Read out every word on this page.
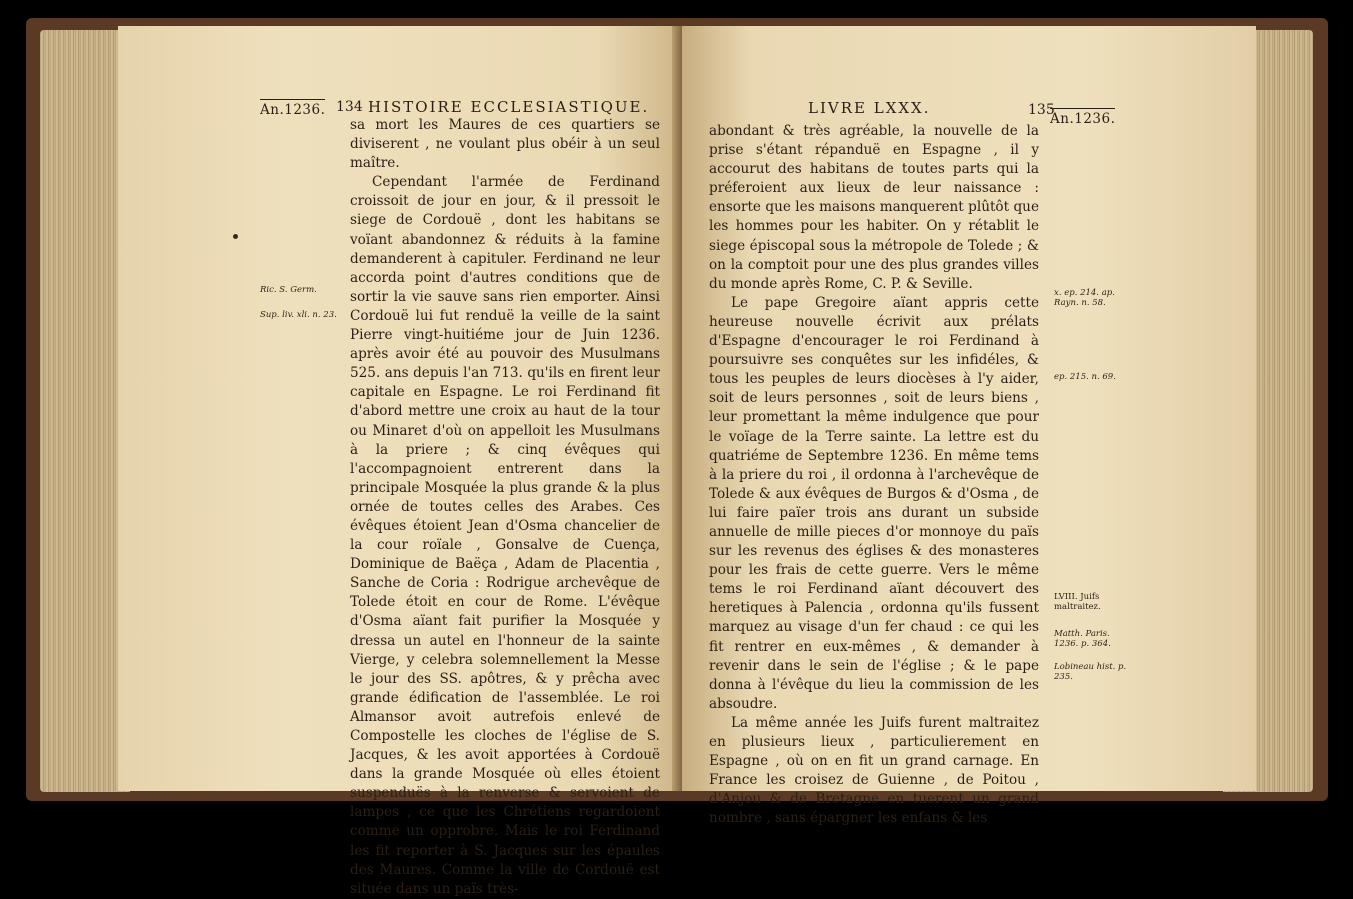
An.1236. 134 HISTOIRE ECCLESIASTIQUE.

sa mort les Maures de ces quartiers se diviserent , ne voulant plus obéir à un seul maître.

Cependant l'armée de Ferdinand croissoit de jour en jour, & il pressoit le siege de Cordouë , dont les habitans se voïant abandonnez & réduits à la famine demanderent à capituler. Ferdinand ne leur accorda point d'autres conditions que de sortir la vie sauve sans rien emporter. Ainsi Cordouë lui fut renduë la veille de la saint Pierre vingt-huitiéme jour de Juin 1236. après avoir été au pouvoir des Musulmans 525. ans depuis l'an 713. qu'ils en firent leur capitale en Espagne. Le roi Ferdinand fit d'abord mettre une croix au haut de la tour ou Minaret d'où on appelloit les Musulmans à la priere ; & cinq évêques qui l'accompagnoient entrerent dans la principale Mosquée la plus grande & la plus ornée de toutes celles des Arabes. Ces évêques étoient Jean d'Osma chancelier de la cour roïale , Gonsalve de Cuença, Dominique de Baëça , Adam de Placentia , Sanche de Coria : Rodrigue archevêque de Tolede étoit en cour de Rome. L'évêque d'Osma aïant fait purifier la Mosquée y dressa un autel en l'honneur de la sainte Vierge, y celebra solemnellement la Messe le jour des SS. apôtres, & y prêcha avec grande édification de l'assemblée. Le roi Almansor avoit autrefois enlevé de Compostelle les cloches de l'église de S. Jacques, & les avoit apportées à Cordouë dans la grande Mosquée où elles étoient suspenduës à la renverse & servoient de lampes , ce que les Chrétiens regardoient comme un opprobre. Mais le roi Ferdinand les fit reporter à S. Jacques sur les épaules des Maures. Comme la ville de Cordouë est située dans un païs très-

Ric. S. Germ.
Sup. liv. xli. n. 23.
LIVRE LXXX.	135
An.1236.

abondant & très agréable, la nouvelle de la prise s'étant répanduë en Espagne , il y accourut des habitans de toutes parts qui la préferoient aux lieux de leur naissance : ensorte que les maisons manquerent plûtôt que les hommes pour les habiter. On y rétablit le siege épiscopal sous la métropole de Tolede ; & on la comptoit pour une des plus grandes villes du monde après Rome, C. P. & Seville.

Le pape Gregoire aïant appris cette heureuse nouvelle écrivit aux prélats d'Espagne d'encourager le roi Ferdinand à poursuivre ses conquêtes sur les infidéles, & tous les peuples de leurs diocèses à l'y aider, soit de leurs personnes , soit de leurs biens , leur promettant la même indulgence que pour le voïage de la Terre sainte. La lettre est du quatriéme de Septembre 1236. En même tems à la priere du roi , il ordonna à l'archevêque de Tolede & aux évêques de Burgos & d'Osma , de lui faire païer trois ans durant un subside annuelle de mille pieces d'or monnoye du païs sur les revenus des églises & des monasteres pour les frais de cette guerre. Vers le même tems le roi Ferdinand aïant découvert des heretiques à Palencia , ordonna qu'ils fussent marquez au visage d'un fer chaud : ce qui les fit rentrer en eux-mêmes , & demander à revenir dans le sein de l'église ; & le pape donna à l'évêque du lieu la commission de les absoudre.

La même année les Juifs furent maltraitez en plusieurs lieux , particulierement en Espagne , où on en fit un grand carnage. En France les croisez de Guienne , de Poitou , d'Anjou & de Bretagne en tuerent un grand nombre , sans épargner les enfans & les

x. ep. 214. ap. Rayn. n. 58.
ep. 215. n. 69.
LVIII. Juifs maltraitez.
Matth. Paris. 1236. p. 364.
Lobineau hist. p. 235.
